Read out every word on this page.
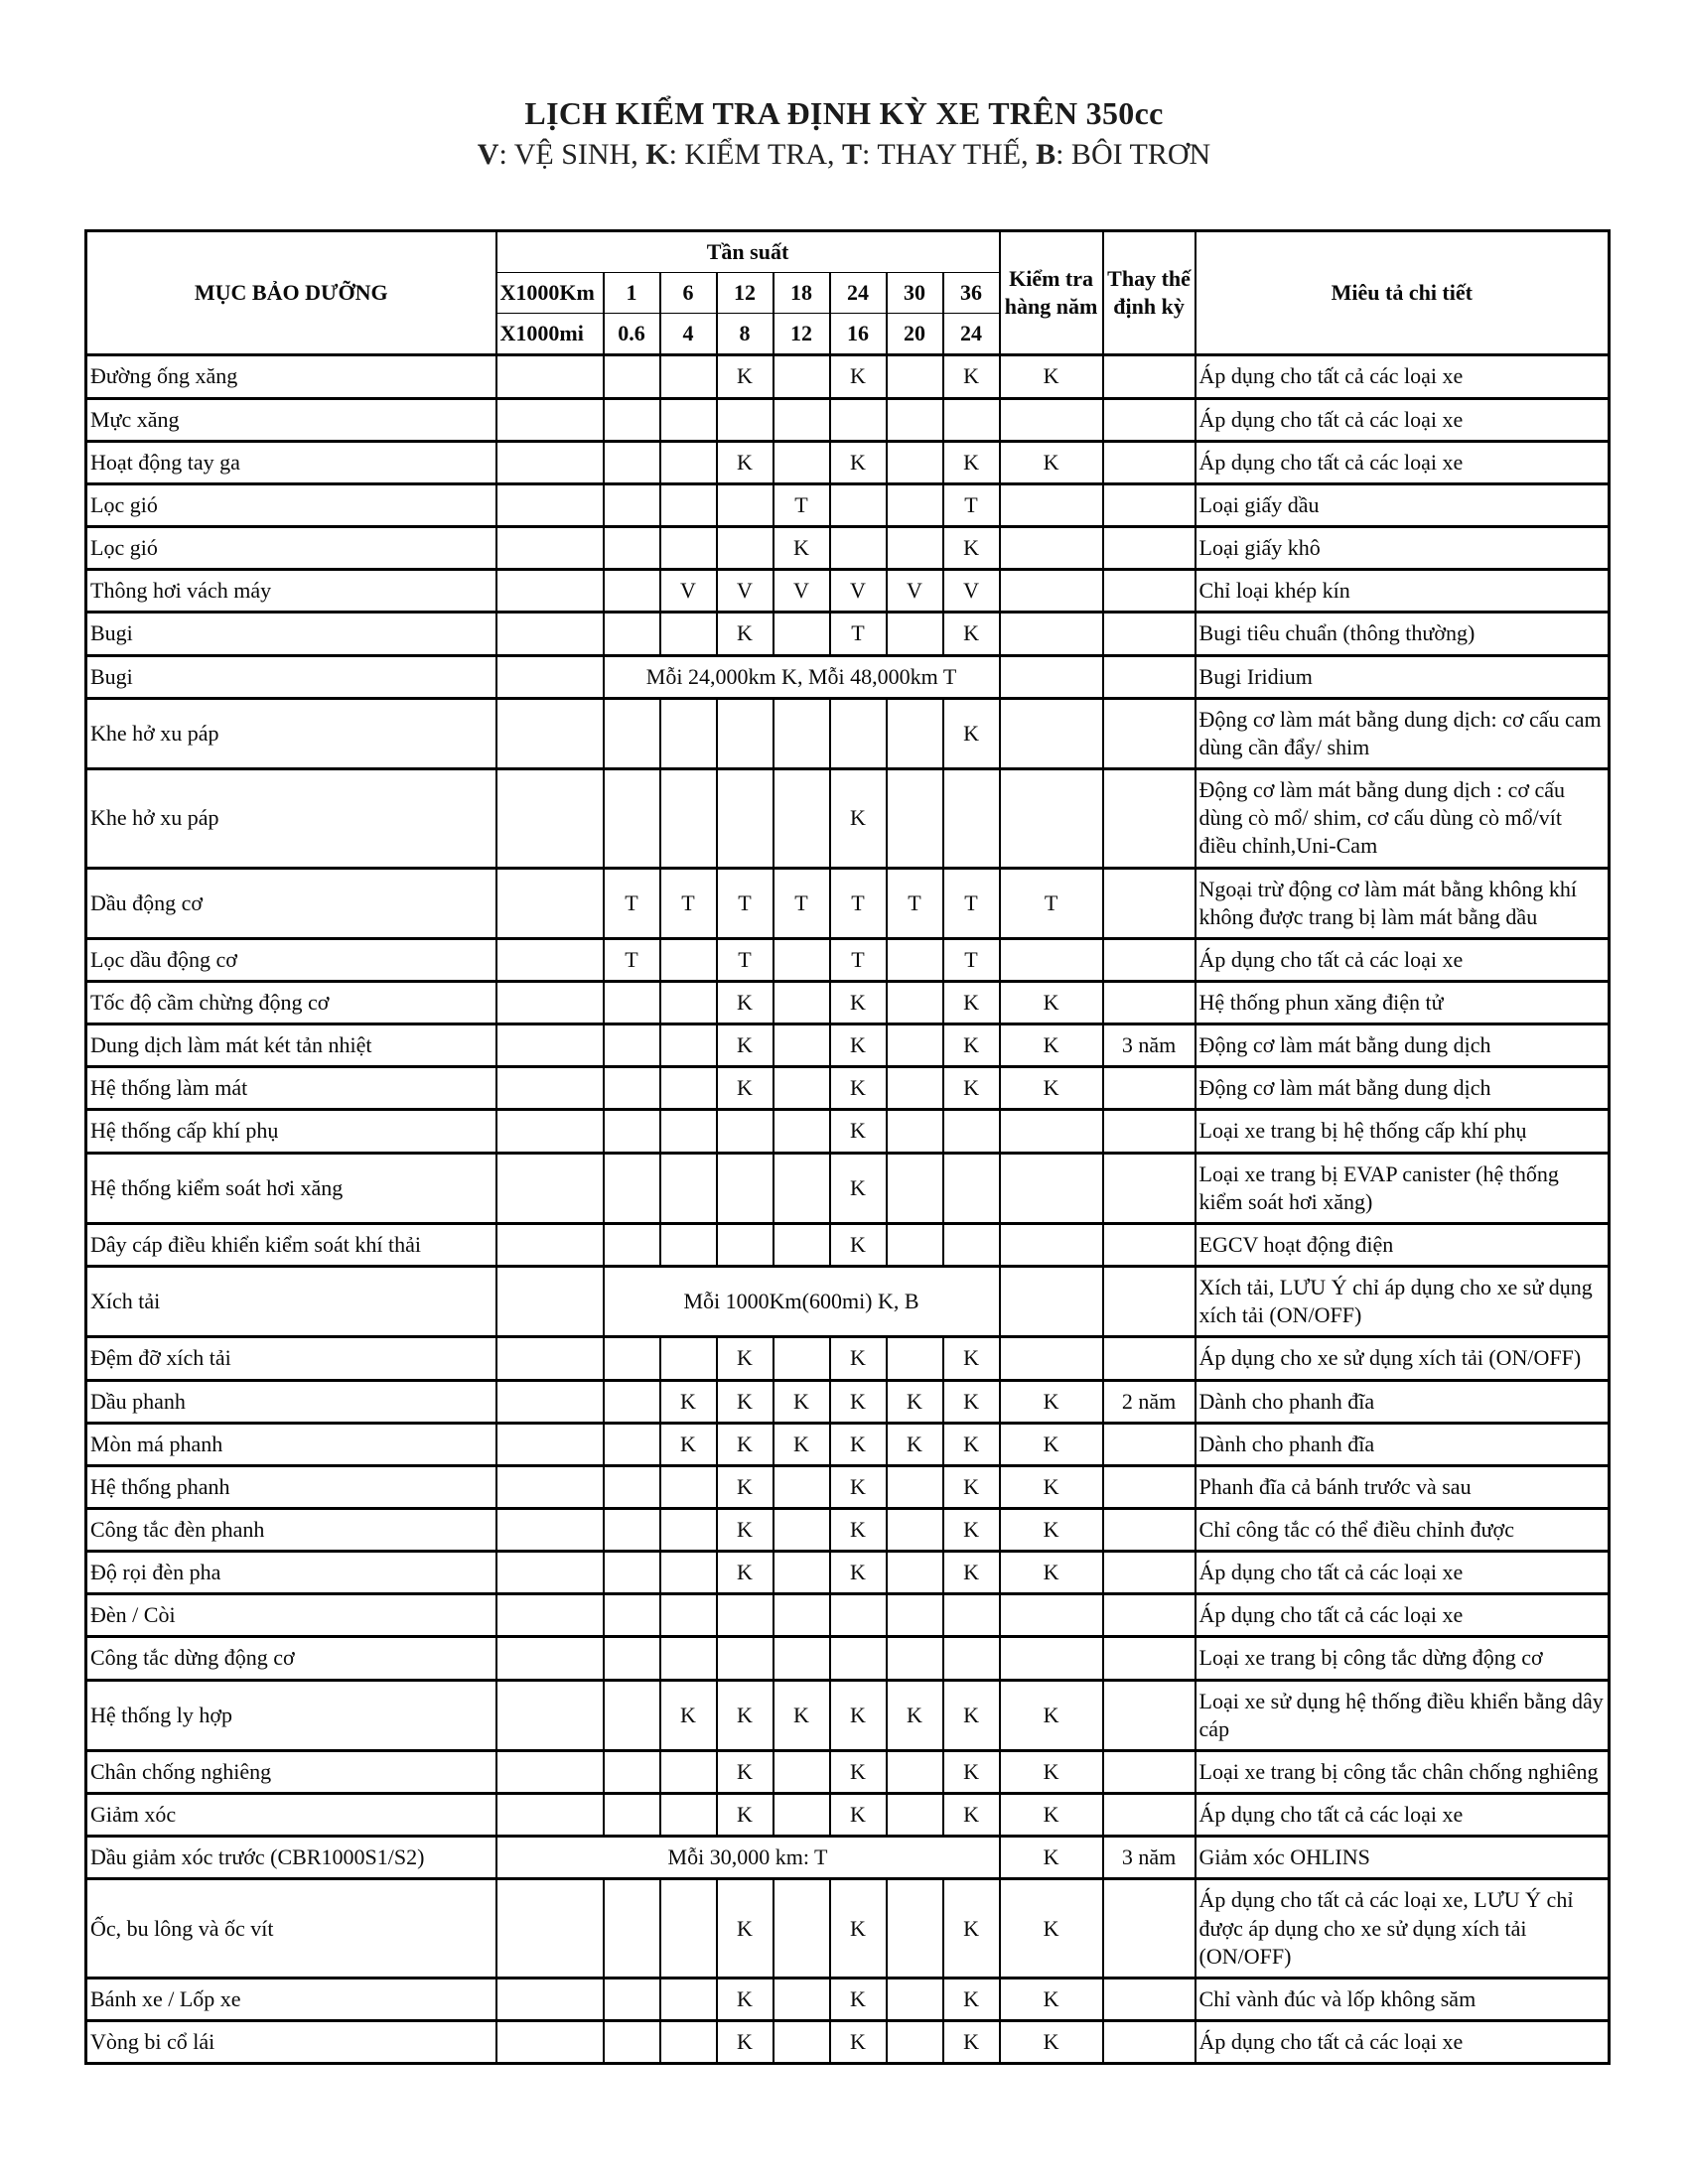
LỊCH KIỂM TRA ĐỊNH KỲ XE TRÊN 350cc
V: VỆ SINH, K: KIỂM TRA, T: THAY THẾ, B: BÔI TRƠN
MỤC BẢO DƯỠNG	Tần suất								Kiểm tra hàng năm	Thay thế định kỳ	Miêu tả chi tiết
	X1000Km	1	6	12	18	24	30	36			
	X1000mi	0.6	4	8	12	16	20	24			
Đường ống xăng				K		K		K	K		Áp dụng cho tất cả các loại xe
Mực xăng											Áp dụng cho tất cả các loại xe
Hoạt động tay ga				K		K		K	K		Áp dụng cho tất cả các loại xe
Lọc gió					T			T			Loại giấy dầu
Lọc gió					K			K			Loại giấy khô
Thông hơi vách máy			V	V	V	V	V	V			Chỉ loại khép kín
Bugi				K		T		K			Bugi tiêu chuẩn (thông thường)
Bugi		Mỗi 24,000km K, Mỗi 48,000km T									Bugi Iridium
Khe hở xu páp								K			Động cơ làm mát bằng dung dịch: cơ cấu cam dùng cần đẩy/ shim
Khe hở xu páp						K					Động cơ làm mát bằng dung dịch : cơ cấu dùng cò mổ/ shim, cơ cấu dùng cò mổ/vít điều chỉnh,Uni-Cam
Dầu động cơ		T	T	T	T	T	T	T	T		Ngoại trừ động cơ làm mát bằng không khí không được trang bị làm mát bằng dầu
Lọc dầu động cơ		T		T		T		T			Áp dụng cho tất cả các loại xe
Tốc độ cầm chừng động cơ				K		K		K	K		Hệ thống phun xăng điện tử
Dung dịch làm mát két tản nhiệt				K		K		K	K	3 năm	Động cơ làm mát bằng dung dịch
Hệ thống làm mát				K		K		K	K		Động cơ làm mát bằng dung dịch
Hệ thống cấp khí phụ						K					Loại xe trang bị hệ thống cấp khí phụ
Hệ thống kiểm soát hơi xăng						K					Loại xe trang bị EVAP canister (hệ thống kiểm soát hơi xăng)
Dây cáp điều khiển kiểm soát khí thải						K					EGCV hoạt động điện
Xích tải		Mỗi 1000Km(600mi) K, B									Xích tải, LƯU Ý chỉ áp dụng cho xe sử dụng xích tải (ON/OFF)
Đệm đỡ xích tải				K		K		K			Áp dụng cho xe sử dụng xích tải (ON/OFF)
Dầu phanh			K	K	K	K	K	K	K	2 năm	Dành cho phanh đĩa
Mòn má phanh			K	K	K	K	K	K	K		Dành cho phanh đĩa
Hệ thống phanh				K		K		K	K		Phanh đĩa cả bánh trước và sau
Công tắc đèn phanh				K		K		K	K		Chỉ công tắc có thể điều chỉnh được
Độ rọi đèn pha				K		K		K	K		Áp dụng cho tất cả các loại xe
Đèn / Còi											Áp dụng cho tất cả các loại xe
Công tắc dừng động cơ											Loại xe trang bị công tắc dừng động cơ
Hệ thống ly hợp			K	K	K	K	K	K	K		Loại xe sử dụng hệ thống điều khiển bằng dây cáp
Chân chống nghiêng				K		K		K	K		Loại xe trang bị công tắc chân chống nghiêng
Giảm xóc				K		K		K	K		Áp dụng cho tất cả các loại xe
Dầu giảm xóc trước (CBR1000S1/S2)	Mỗi 30,000 km: T								K	3 năm	Giảm xóc OHLINS
Ốc, bu lông và ốc vít				K		K		K	K		Áp dụng cho tất cả các loại xe, LƯU Ý chỉ được áp dụng cho xe sử dụng xích tải (ON/OFF)
Bánh xe / Lốp xe				K		K		K	K		Chỉ vành đúc và lốp không săm
Vòng bi cổ lái				K		K		K	K		Áp dụng cho tất cả các loại xe
